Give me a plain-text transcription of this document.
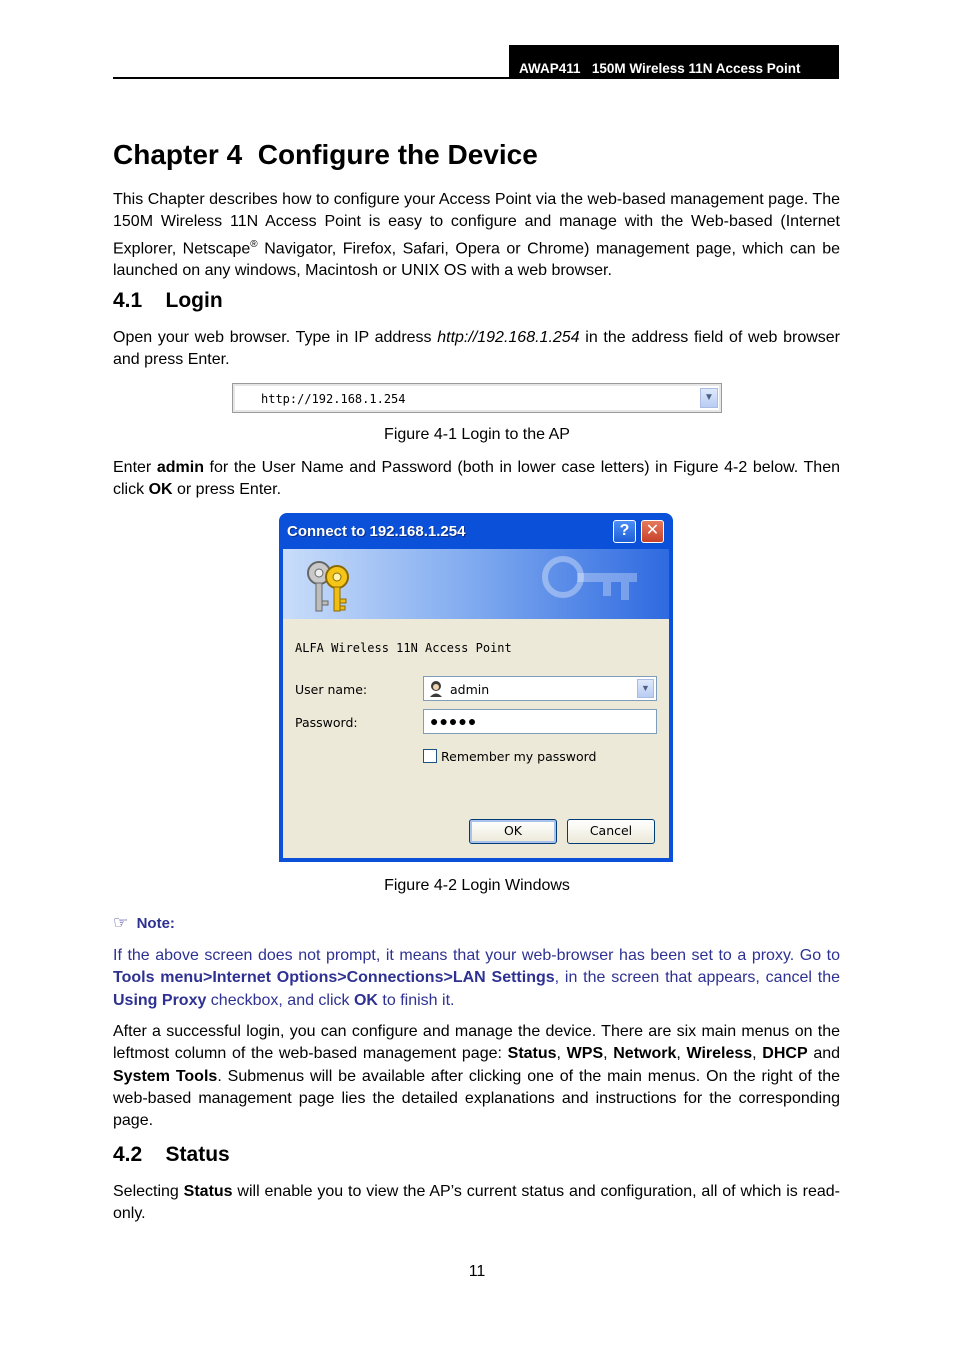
AWAP411 150M Wireless 11N Access Point
Chapter 4 Configure the Device

This Chapter describes how to configure your Access Point via the web-based management page. The 150M Wireless 11N Access Point is easy to configure and manage with the Web-based (Internet Explorer, Netscape® Navigator, Firefox, Safari, Opera or Chrome) management page, which can be launched on any windows, Macintosh or UNIX OS with a web browser.

4.1    Login

Open your web browser. Type in IP address http://192.168.1.254 in the address field of web browser and press Enter.

http://192.168.1.254	▼

Figure 4-1 Login to the AP

Enter admin for the User Name and Password (both in lower case letters) in Figure 4-2 below. Then click OK or press Enter.

Connect to 192.168.1.254	?	✕
ALFA Wireless 11N Access Point
User name:	admin	▼
Password:	●●●●●
Remember my password
OK	Cancel

Figure 4-2 Login Windows

☞ Note:

If the above screen does not prompt, it means that your web-browser has been set to a proxy. Go to Tools menu>Internet Options>Connections>LAN Settings, in the screen that appears, cancel the Using Proxy checkbox, and click OK to finish it.

After a successful login, you can configure and manage the device. There are six main menus on the leftmost column of the web-based management page: Status, WPS, Network, Wireless, DHCP and System Tools. Submenus will be available after clicking one of the main menus. On the right of the web-based management page lies the detailed explanations and instructions for the corresponding page.

4.2    Status

Selecting Status will enable you to view the AP’s current status and configuration, all of which is read-only.

11
